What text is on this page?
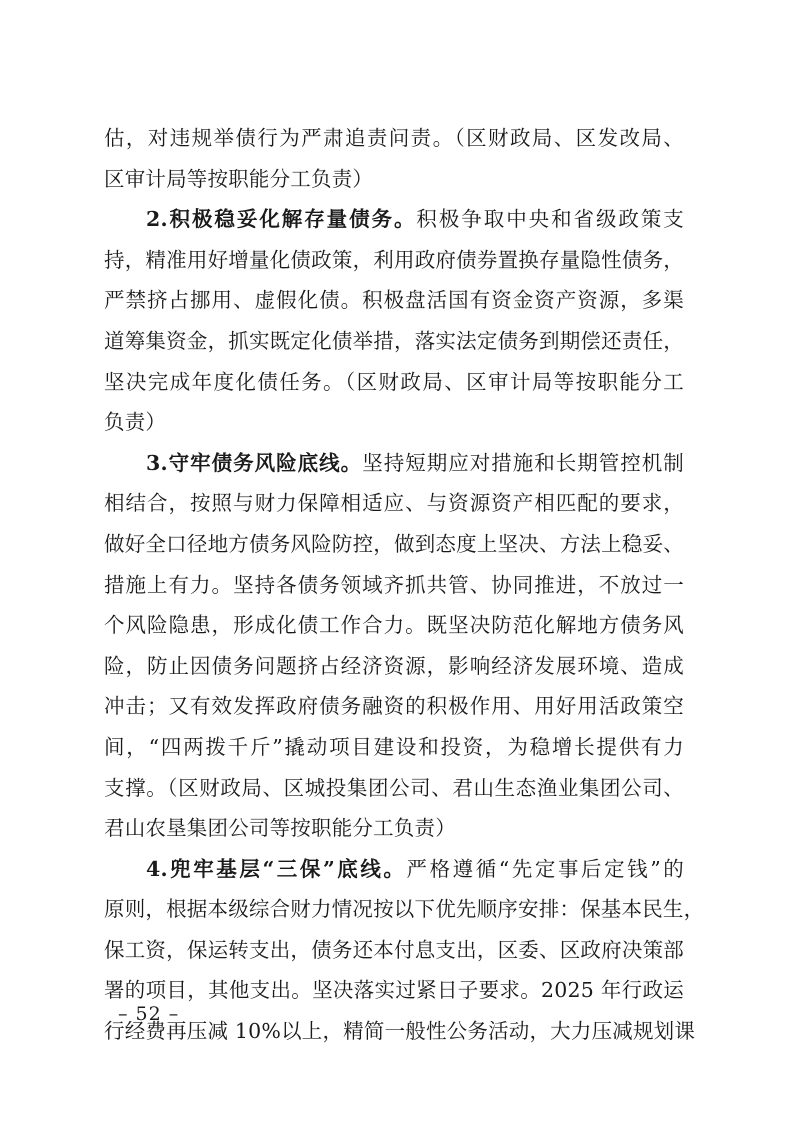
估，对违规举债行为严肃追责问责。（区财政局、区发改局、
区审计局等按职能分工负责）
2.积极稳妥化解存量债务。积极争取中央和省级政策支
持，精准用好增量化债政策，利用政府债券置换存量隐性债务，
严禁挤占挪用、虚假化债。积极盘活国有资金资产资源，多渠
道筹集资金，抓实既定化债举措，落实法定债务到期偿还责任，
坚决完成年度化债任务。（区财政局、区审计局等按职能分工
负责）
3.守牢债务风险底线。坚持短期应对措施和长期管控机制
相结合，按照与财力保障相适应、与资源资产相匹配的要求，
做好全口径地方债务风险防控，做到态度上坚决、方法上稳妥、
措施上有力。坚持各债务领域齐抓共管、协同推进，不放过一
个风险隐患，形成化债工作合力。既坚决防范化解地方债务风
险，防止因债务问题挤占经济资源，影响经济发展环境、造成
冲击；又有效发挥政府债务融资的积极作用、用好用活政策空
间，“四两拨千斤”撬动项目建设和投资，为稳增长提供有力
支撑。（区财政局、区城投集团公司、君山生态渔业集团公司、
君山农垦集团公司等按职能分工负责）
4.兜牢基层“三保”底线。严格遵循“先定事后定钱”的
原则，根据本级综合财力情况按以下优先顺序安排：保基本民生，
保工资，保运转支出，债务还本付息支出，区委、区政府决策部
署的项目，其他支出。坚决落实过紧日子要求。2025 年行政运
行经费再压减 10%以上，精简一般性公务活动，大力压减规划课
– 52 –
